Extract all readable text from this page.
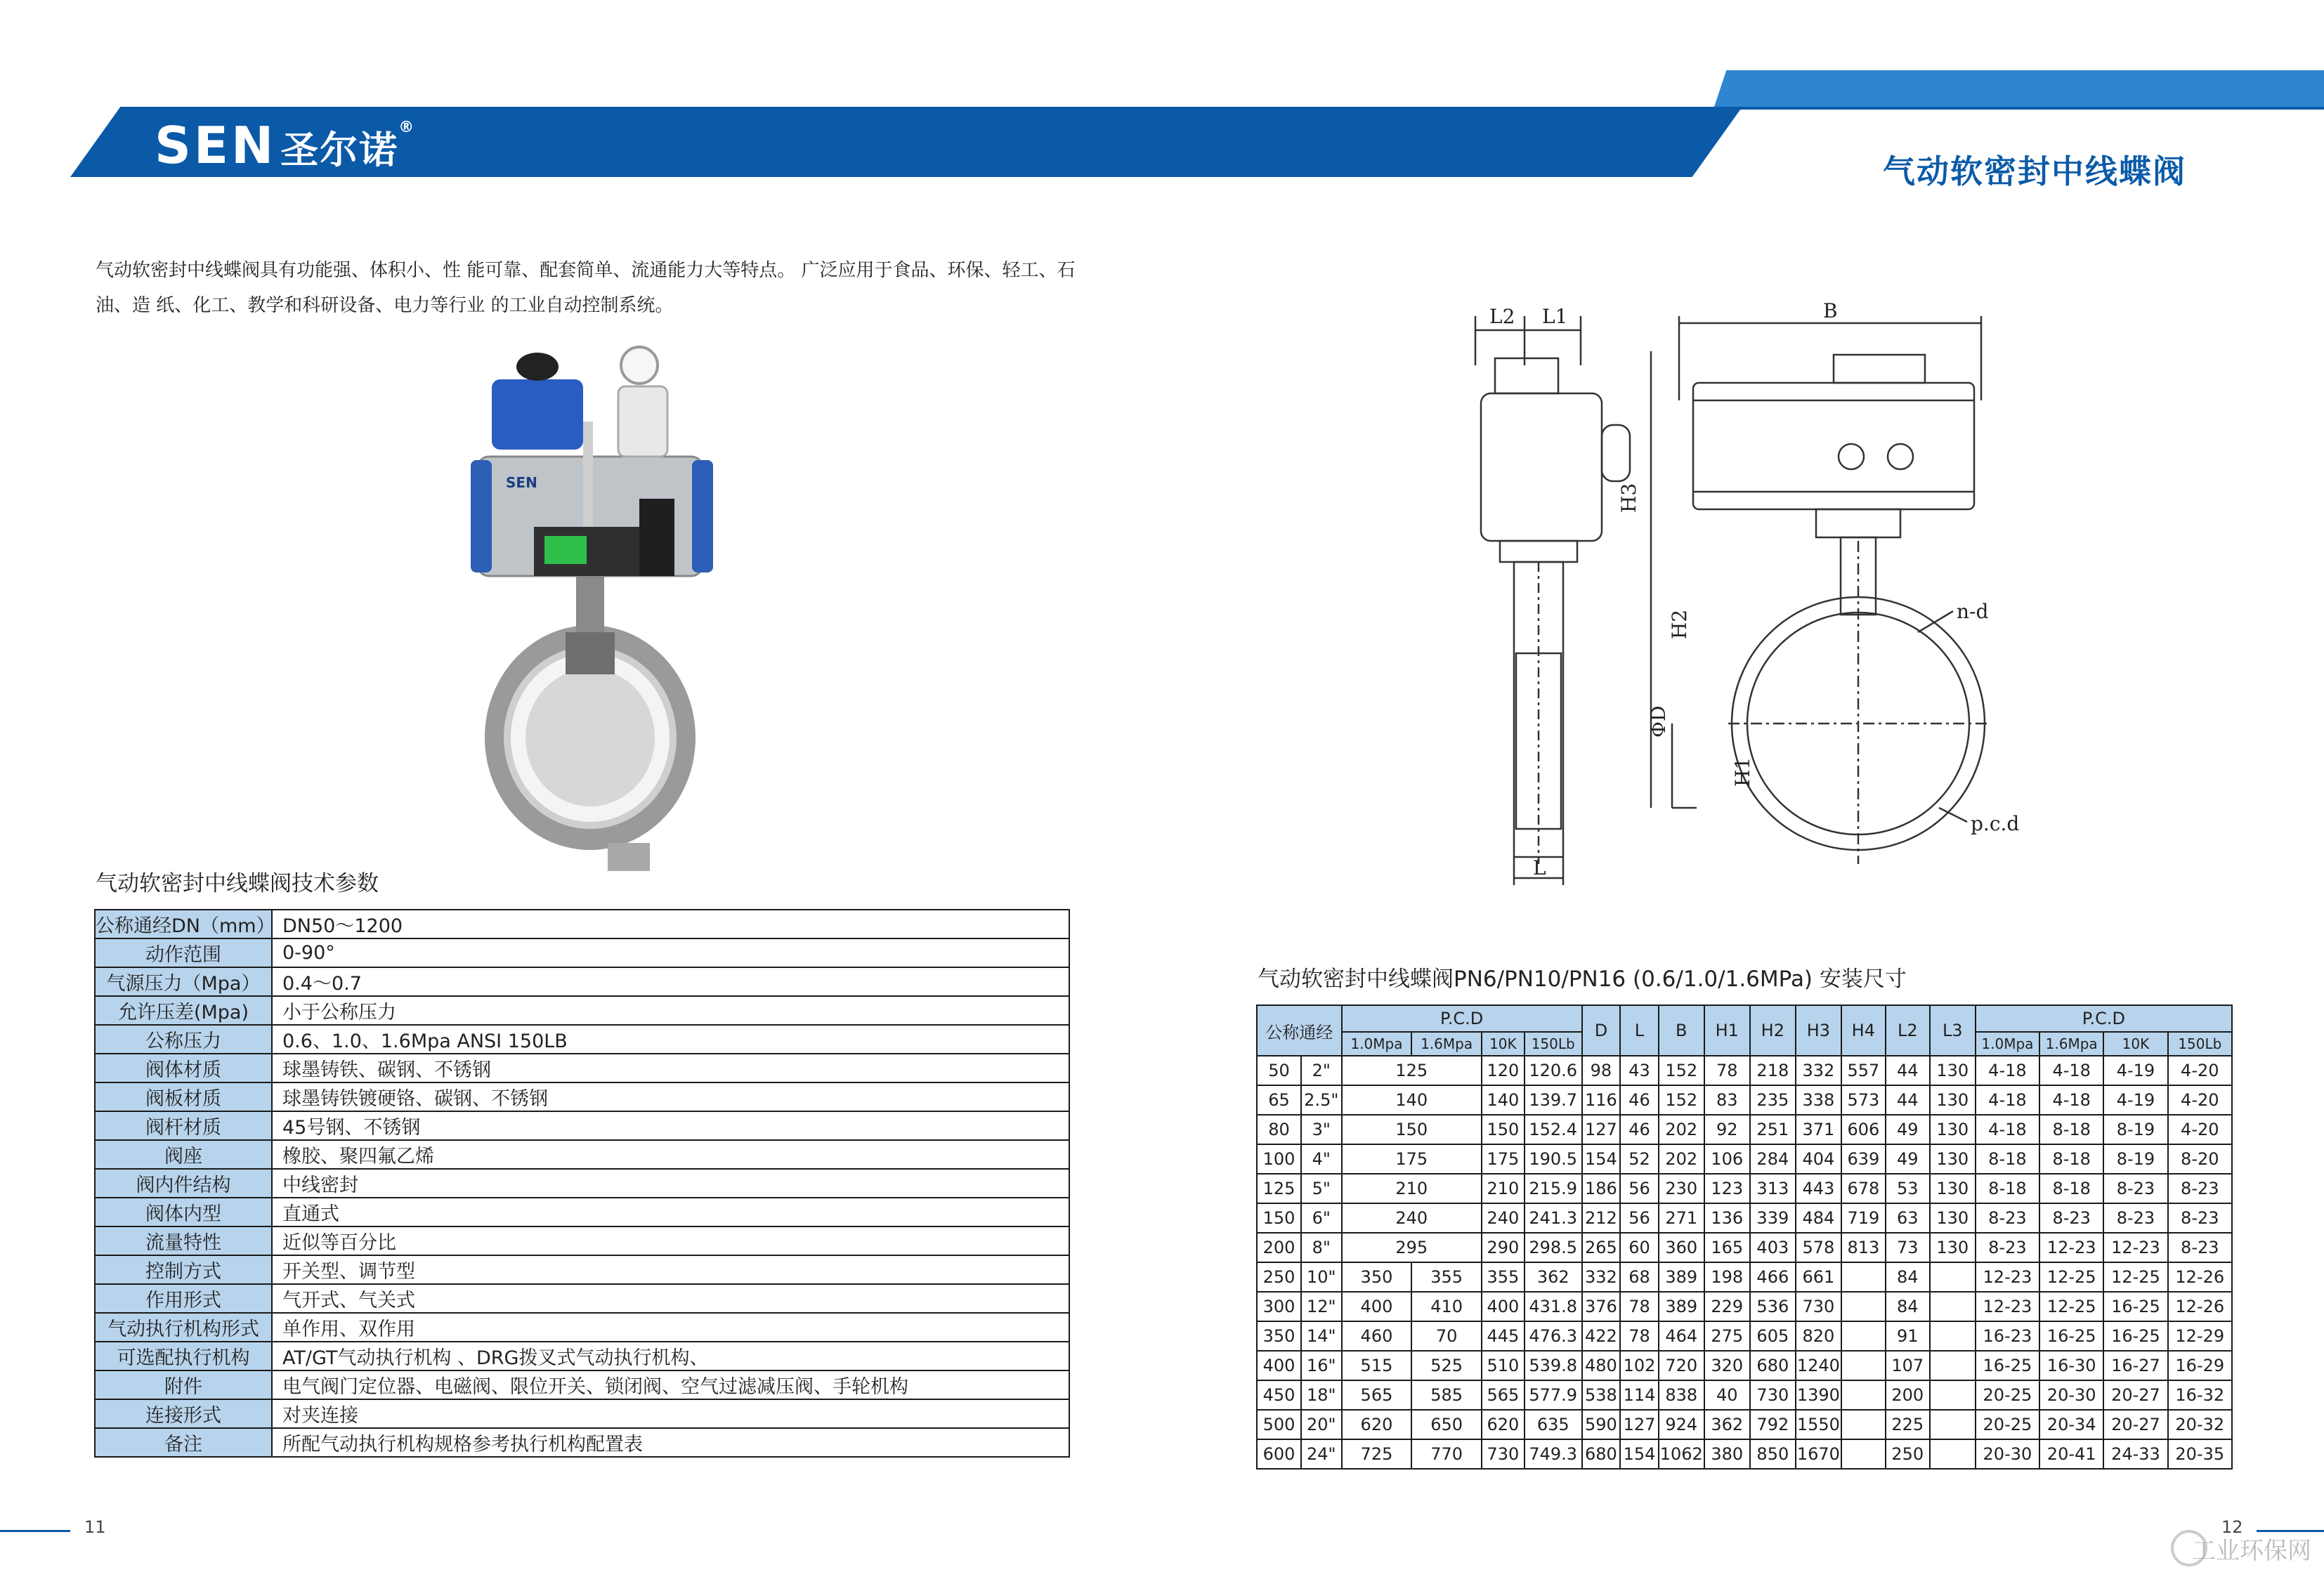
SEN 圣尔诺®
气动软密封中线蝶阀
气动软密封中线蝶阀具有功能强、体积小、性 能可靠、配套简单、流通能力大等特点。 广泛应用于食品、环保、轻工、石油、造 纸、化工、教学和科研设备、电力等行业 的工业自动控制系统。
SEN
气动软密封中线蝶阀技术参数
公称通经DN（mm）	DN50～1200
动作范围	0-90°
气源压力（Mpa）	0.4～0.7
允许压差(Mpa)	小于公称压力
公称压力	0.6、1.0、1.6Mpa ANSI 150LB
阀体材质	球墨铸铁、碳钢、不锈钢
阀板材质	球墨铸铁镀硬铬、碳钢、不锈钢
阀杆材质	45号钢、不锈钢
阀座	橡胶、聚四氟乙烯
阀内件结构	中线密封
阀体内型	直通式
流量特性	近似等百分比
控制方式	开关型、调节型
作用形式	气开式、气关式
气动执行机构形式	单作用、双作用
可选配执行机构	AT/GT气动执行机构 、DRG拨叉式气动执行机构、
附件	电气阀门定位器、电磁阀、限位开关、锁闭阀、空气过滤减压阀、手轮机构
连接形式	对夹连接
备注	所配气动执行机构规格参考执行机构配置表
L2 L1	B
H3
H2
ΦD
H1
L
n-d
p.c.d
气动软密封中线蝶阀PN6/PN10/PN16 (0.6/1.0/1.6MPa) 安装尺寸
公称通经		P.C.D				D	L	B	H1	H2	H3	H4	L2	L3	P.C.D			
		1.0Mpa	1.6Mpa	10K	150Lb										1.0Mpa	1.6Mpa	10K	150Lb
50	2"	125		120	120.6	98	43	152	78	218	332	557	44	130	4-18	4-18	4-19	4-20
65	2.5"	140		140	139.7	116	46	152	83	235	338	573	44	130	4-18	4-18	4-19	4-20
80	3"	150		150	152.4	127	46	202	92	251	371	606	49	130	4-18	8-18	8-19	4-20
100	4"	175		175	190.5	154	52	202	106	284	404	639	49	130	8-18	8-18	8-19	8-20
125	5"	210		210	215.9	186	56	230	123	313	443	678	53	130	8-18	8-18	8-23	8-23
150	6"	240		240	241.3	212	56	271	136	339	484	719	63	130	8-23	8-23	8-23	8-23
200	8"	295		290	298.5	265	60	360	165	403	578	813	73	130	8-23	12-23	12-23	8-23
250	10"	350	355	355	362	332	68	389	198	466	661		84		12-23	12-25	12-25	12-26
300	12"	400	410	400	431.8	376	78	389	229	536	730		84		12-23	12-25	16-25	12-26
350	14"	460	70	445	476.3	422	78	464	275	605	820		91		16-23	16-25	16-25	12-29
400	16"	515	525	510	539.8	480	102	720	320	680	1240		107		16-25	16-30	16-27	16-29
450	18"	565	585	565	577.9	538	114	838	40	730	1390		200		20-25	20-30	20-27	16-32
500	20"	620	650	620	635	590	127	924	362	792	1550		225		20-25	20-34	20-27	20-32
600	24"	725	770	730	749.3	680	154	1062	380	850	1670		250		20-30	20-41	24-33	20-35
11	12
工业环保网
